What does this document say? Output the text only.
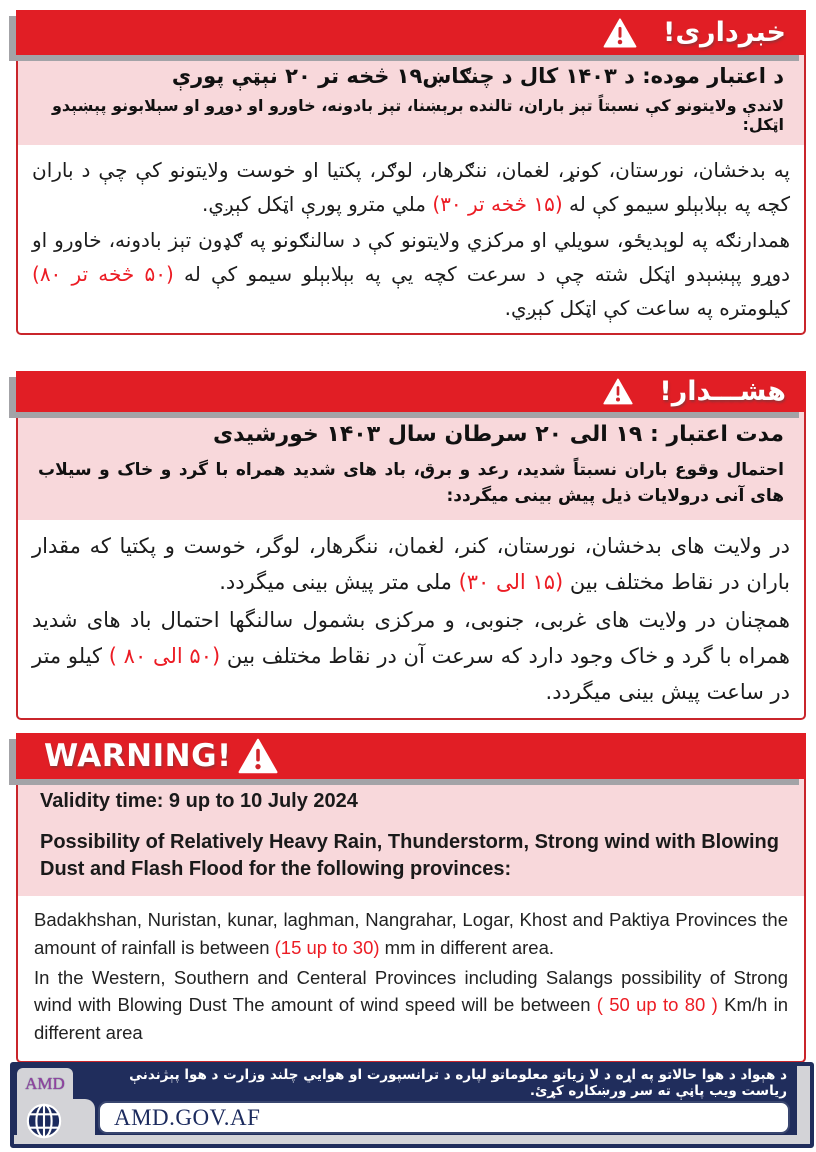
خبرداری!
د اعتبار موده: د ۱۴۰۳ کال د چنګاښ۱۹ څخه تر ۲۰ نېټې پورې
لاندې ولایتونو کې نسبتاً تېز باران، تالنده برېښنا، تېز بادونه، خاورو او دوړو او سېلابونو پېښېدو اټکل:

په بدخشان، نورستان، کونړ، لغمان، ننګرهار، لوګر، پکتیا او خوست ولایتونو کې چې د باران کچه په بېلابېلو سیمو کې له (۱۵ څخه تر ۳۰) ملي مترو پورې اټکل کېږي.

همدارنګه په لوېدیځو، سویلي او مرکزي ولایتونو کې د سالنګونو په ګډون تېز بادونه، خاورو او دوړو پېښېدو اټکل شته چې د سرعت کچه یې په بېلابېلو سیمو کې له (۵۰ څخه تر ۸۰) کیلومتره په ساعت کې اټکل کېږي.

هشـــدار!
مدت اعتبار : ۱۹ الی ۲۰ سرطان سال ۱۴۰۳ خورشیدی
احتمال وقوع باران نسبتاً شدید، رعد و برق، باد های شدید همراه با گرد و خاک و سیلاب های آنی درولایات ذیل پیش بینی میگردد:

در ولایت های بدخشان، نورستان، کنر، لغمان، ننگرهار، لوگر، خوست و پکتیا که مقدار باران در نقاط مختلف بین (۱۵ الی ۳۰) ملی متر پیش بینی میگردد.

همچنان در ولایت های غربی، جنوبی، و مرکزی بشمول سالنگها احتمال باد های شدید همراه با گرد و خاک وجود دارد که سرعت آن در نقاط مختلف بین (۵۰ الی ۸۰ ) کیلو متر در ساعت پیش بینی میگردد.

WARNING!
Validity time: 9 up to 10 July 2024
Possibility of Relatively Heavy Rain, Thunderstorm, Strong wind with Blowing Dust and Flash Flood for the following provinces:

Badakhshan, Nuristan, kunar, laghman, Nangrahar, Logar, Khost and Paktiya Provinces the amount of rainfall is between (15 up to 30) mm in different area.

In the Western, Southern and Centeral Provinces including Salangs possibility of Strong wind with Blowing Dust The amount of wind speed will be between ( 50 up to 80 ) Km/h in different area

د هېواد د هوا حالاتو په اړه د لا زیاتو معلوماتو لپاره د ترانسپورت او هوايي چلند وزارت د هوا پېژندنې ریاست ویب پاڼې ته سر ورښکاره کړئ.
AMD.GOV.AF
AMD
